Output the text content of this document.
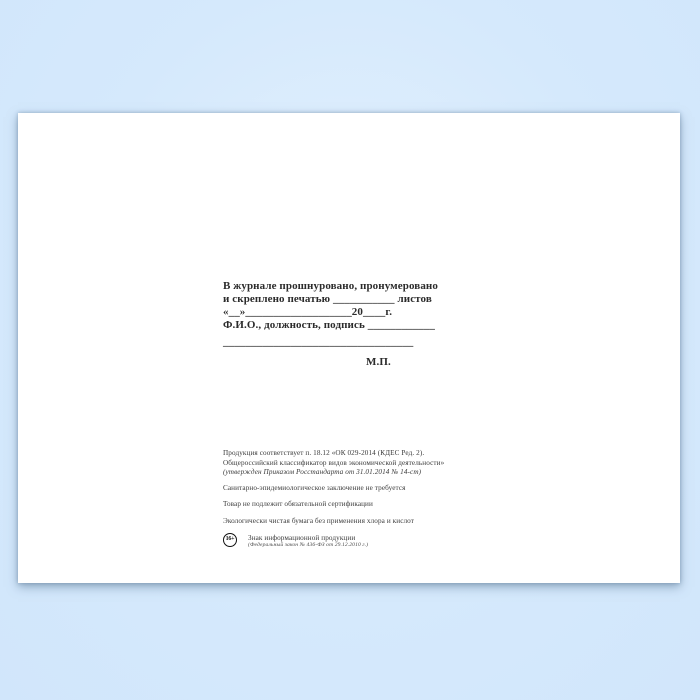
В журнале прошнуровано, пронумеровано
и скреплено печатью ___________ листов
«__»___________________20____г.
Ф.И.О., должность, подпись ____________
__________________________________
М.П.
Продукция соответствует п. 18.12 «ОК 029-2014 (КДЕС Ред. 2).
Общероссийский классификатор видов экономической деятельности»
(утвержден Приказом Росстандарта от 31.01.2014 № 14-ст)
Санитарно-эпидемиологическое заключение не требуется
Товар не подлежит обязательной сертификации
Экологически чистая бумага без применения хлора и кислот
16+	Знак информационной продукции
(Федеральный закон № 436-ФЗ от 29.12.2010 г.)
